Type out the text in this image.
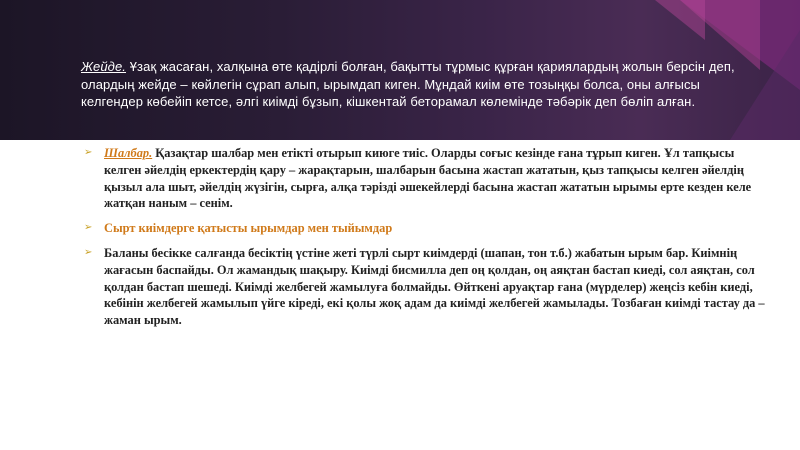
Жейде. Ұзақ жасаған, халқына өте қадірлі болған, бақытты тұрмыс құрған қариялардың жолын берсін деп, олардың жейде – көйлегін сұрап алып, ырымдап киген. Мұндай киім өте тозыңқы болса, оны алғысы келгендер көбейіп кетсе, әлгі киімді бұзып, кішкентай бетoрамал көлемінде тәбәрік деп бөліп алған.
➢ Шалбар. Қазақтар шалбар мен етікті отырып киюге тиіс. Оларды соғыс кезінде ғана тұрып киген. Ұл тапқысы келген әйелдің еркектердің қару – жарақтарын, шалбарын басына жастап жататын, қыз тапқысы келген әйелдің қызыл ала шыт, әйелдің жүзігін, сырға, алқа тәрізді әшекейлерді басына жастап жататын ырымы ерте кезден келе жатқан наным – сенім.
➢ Сырт киімдерге қатысты ырымдар мен тыйымдар
➢ Баланы бесікке салғанда бесіктің үстіне жеті түрлі сырт киімдерді (шапан, тон т.б.) жабатын ырым бар. Киімнің жағасын баспайды. Ол жамандық шақыру. Киімді бисмилла деп оң қолдан, оң аяқтан бастап киеді, сол аяқтан, сол қолдан бастап шешеді. Киімді желбегей жамылуға болмайды. Өйткені аруақтар ғана (мүрделер) жеңсіз кебін киеді, кебінін желбегей жамылып үйге кіреді, екі қолы жоқ адам да киімді желбегей жамылады. Тозбаған киімді тастау да – жаман ырым.
